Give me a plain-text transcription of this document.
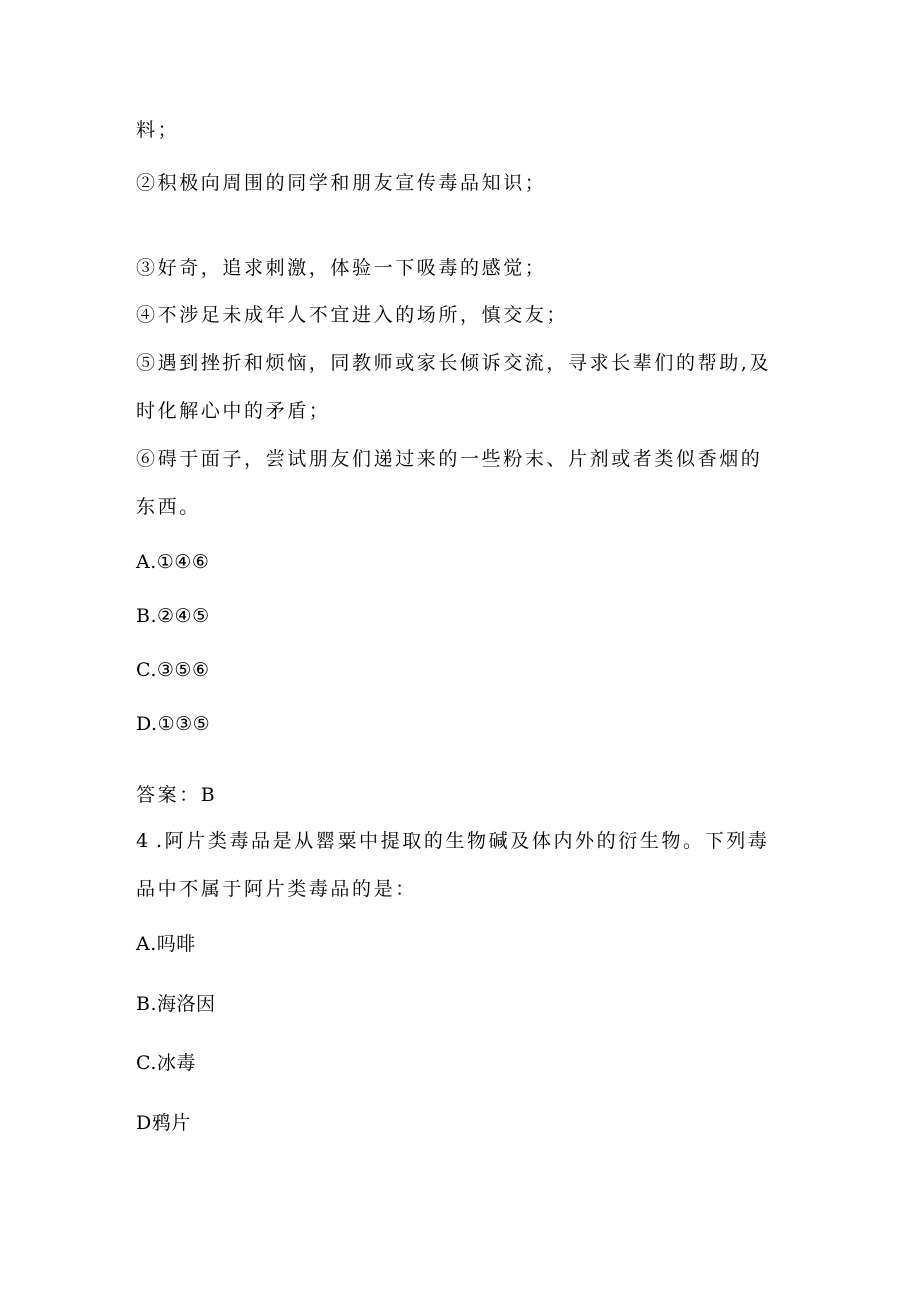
料；
②积极向周围的同学和朋友宣传毒品知识；
③好奇，追求刺激，体验一下吸毒的感觉；
④不涉足未成年人不宜进入的场所，慎交友；
⑤遇到挫折和烦恼，同教师或家长倾诉交流，寻求长辈们的帮助,及
时化解心中的矛盾；
⑥碍于面子，尝试朋友们递过来的一些粉末、片剂或者类似香烟的
东西。
A.①④⑥
B.②④⑤
C.③⑤⑥
D.①③⑤
答案：B
4 .阿片类毒品是从罂粟中提取的生物碱及体内外的衍生物。下列毒
品中不属于阿片类毒品的是：
A.吗啡
B.海洛因
C.冰毒
D鸦片
